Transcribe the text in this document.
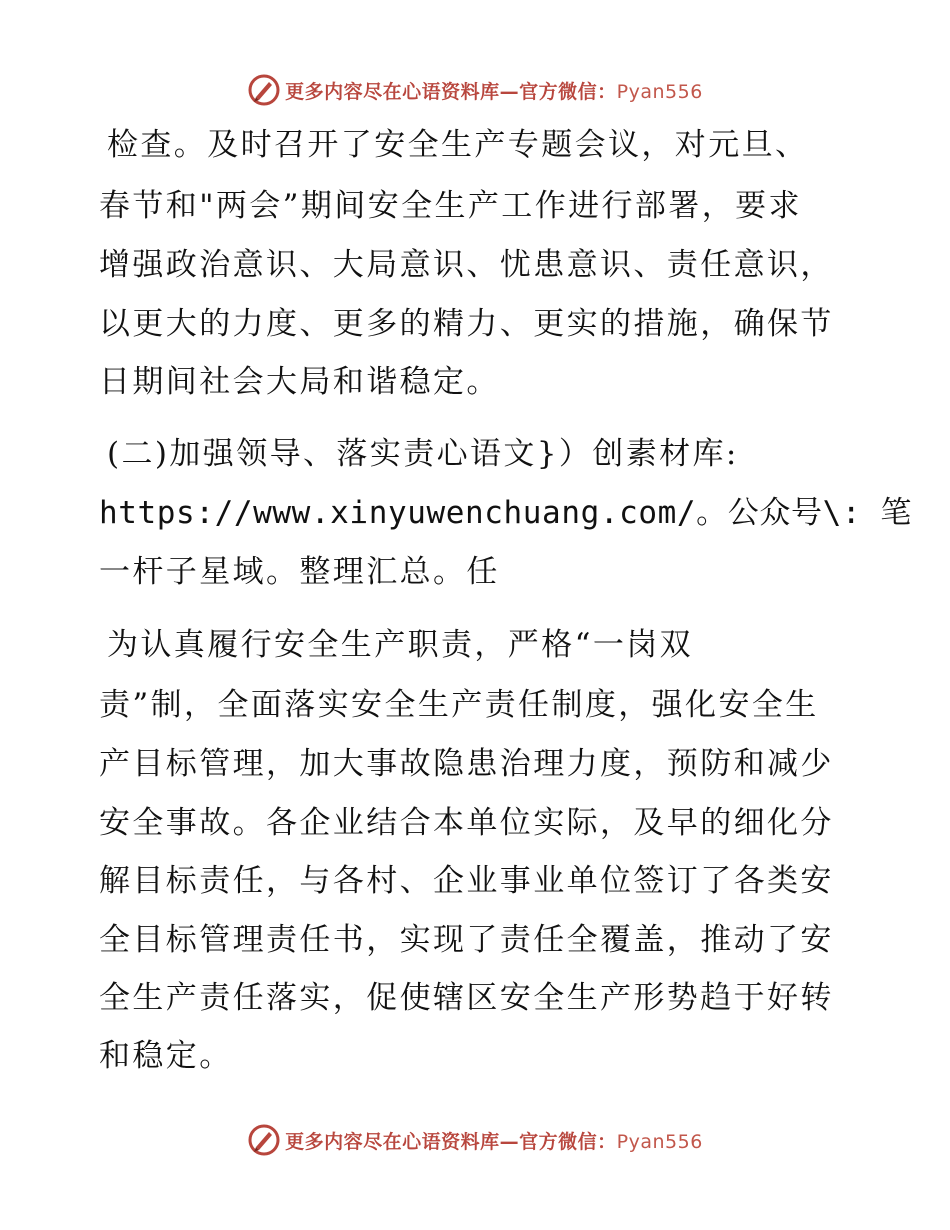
更多内容尽在心语资料库—官方微信：Pyan556
检查。及时召开了安全生产专题会议，对元旦、
春节和"两会”期间安全生产工作进行部署，要求
增强政治意识、大局意识、忧患意识、责任意识，
以更大的力度、更多的精力、更实的措施，确保节
日期间社会大局和谐稳定。
(二)加强领导、落实责心语文}）创素材库:
https://www.xinyuwenchuang.com/。公众号\: 笔
一杆子星域。整理汇总。任
为认真履行安全生产职责，严格“一岗双
责”制，全面落实安全生产责任制度，强化安全生
产目标管理，加大事故隐患治理力度，预防和减少
安全事故。各企业结合本单位实际，及早的细化分
解目标责任，与各村、企业事业单位签订了各类安
全目标管理责任书，实现了责任全覆盖，推动了安
全生产责任落实，促使辖区安全生产形势趋于好转
和稳定。
更多内容尽在心语资料库—官方微信：Pyan556
